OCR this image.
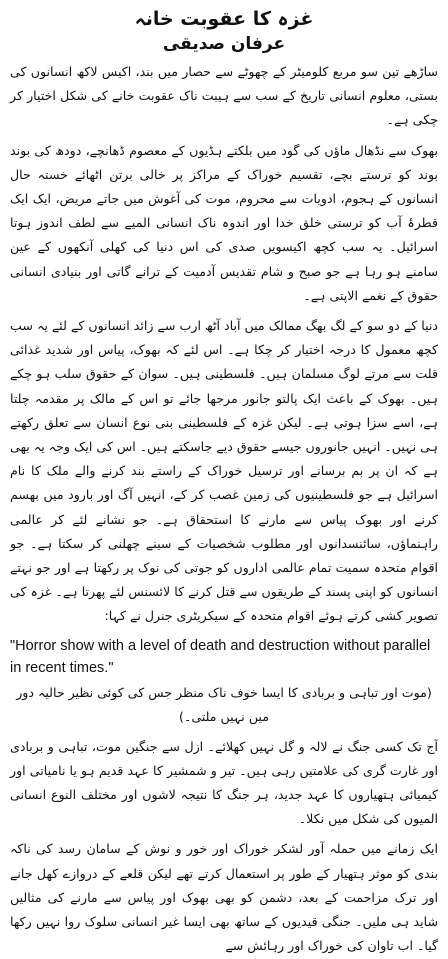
غزہ کا عقوبت خانہ
عرفان صدیقی

ساڑھے تین سو مربع کلومیٹر کے چھوٹے سے حصار میں بند، اکیس لاکھ انسانوں کی بستی، معلوم انسانی تاریخ کے سب سے ہیبت ناک عقوبت خانے کی شکل اختیار کر چکی ہے۔

بھوک سے نڈھال ماؤں کی گود میں بلکتے ہڈیوں کے معصوم ڈھانچے، دودھ کی بوند بوند کو ترستے بچے، تقسیم خوراک کے مراکز پر خالی برتن اٹھائے خستہ حال انسانوں کے ہجوم، ادویات سے محروم، موت کی آغوش میں جاتے مریض، ایک ایک قطرۂ آب کو ترستی خلق خدا اور اندوہ ناک انسانی المیے سے لطف اندوز ہوتا اسرائیل۔ یہ سب کچھ اکیسویں صدی کی اس دنیا کی کھلی آنکھوں کے عین سامنے ہو رہا ہے جو صبح و شام تقدیس آدمیت کے ترانے گاتی اور بنیادی انسانی حقوق کے نغمے الاپتی ہے۔

دنیا کے دو سو کے لگ بھگ ممالک میں آباد آٹھ ارب سے زائد انسانوں کے لئے یہ سب کچھ معمول کا درجہ اختیار کر چکا ہے۔ اس لئے کہ بھوک، پیاس اور شدید غذائی قلت سے مرتے لوگ مسلمان ہیں۔ فلسطینی ہیں۔ سوان کے حقوق سلب ہو چکے ہیں۔ بھوک کے باعث ایک پالتو جانور مرجھا جائے تو اس کے مالک پر مقدمہ چلتا ہے، اسے سزا ہوتی ہے۔ لیکن غزہ کے فلسطینی بنی نوع انسان سے تعلق رکھتے ہی نہیں۔ انہیں جانوروں جیسے حقوق دیے جاسکتے ہیں۔ اس کی ایک وجہ یہ بھی ہے کہ ان پر بم برسانے اور ترسیل خوراک کے راستے بند کرنے والے ملک کا نام اسرائیل ہے جو فلسطینیوں کی زمین غصب کر کے، انہیں آگ اور بارود میں بھسم کرنے اور بھوک پیاس سے مارنے کا استحقاق ہے۔ جو نشانے لئے کر عالمی راہنماؤں، سائنسدانوں اور مطلوب شخصیات کے سینے چھلنی کر سکتا ہے۔ جو اقوام متحدہ سمیت تمام عالمی اداروں کو جوتی کی نوک پر رکھتا ہے اور جو نہتے انسانوں کو اپنی پسند کے طریقوں سے قتل کرنے کا لائسنس لئے پھرتا ہے۔ غزہ کی تصویر کشی کرتے ہوئے اقوام متحدہ کے سیکریٹری جنرل نے کہا:

"Horror show with a level of death and destruction without parallel in recent times."

(موت اور تباہی و بربادی کا ایسا خوف ناک منظر جس کی کوئی نظیر حالیہ دور میں نہیں ملتی۔)

آج تک کسی جنگ نے لالہ و گل نہیں کھلائے۔ ازل سے جنگیں موت، تباہی و بربادی اور غارت گری کی علامتیں رہی ہیں۔ تیر و شمشیر کا عہد قدیم ہو یا نامیاتی اور کیمیائی ہتھیاروں کا عہد جدید، ہر جنگ کا نتیجہ لاشوں اور مختلف النوع انسانی المیوں کی شکل میں نکلا۔

ایک زمانے میں حملہ آور لشکر خوراک اور خور و نوش کے سامان رسد کی ناکہ بندی کو موثر ہتھیار کے طور پر استعمال کرتے تھے لیکن قلعے کے دروازے کھل جانے اور ترک مزاحمت کے بعد، دشمن کو بھی بھوک اور پیاس سے مارنے کی مثالیں شاید ہی ملیں۔ جنگی قیدیوں کے ساتھ بھی ایسا غیر انسانی سلوک روا نہیں رکھا گیا۔ اب تاوان کی خوراک اور رہائش سے
